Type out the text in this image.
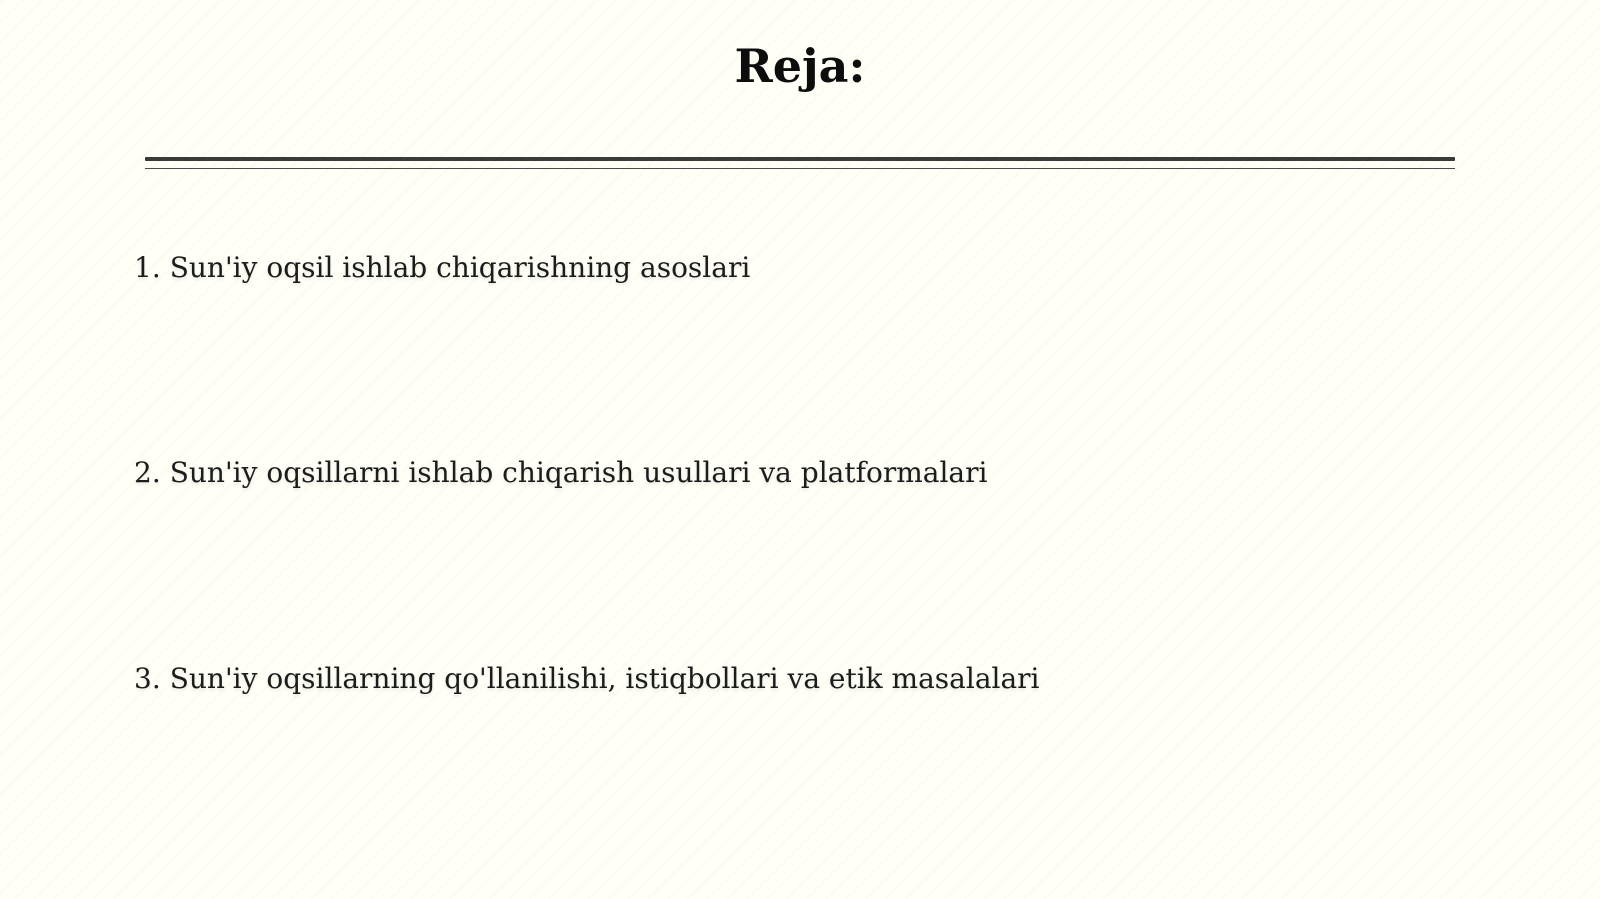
Reja:
1. Sun'iy oqsil ishlab chiqarishning asoslari
2. Sun'iy oqsillarni ishlab chiqarish usullari va platformalari
3. Sun'iy oqsillarning qo'llanilishi, istiqbollari va etik masalalari
